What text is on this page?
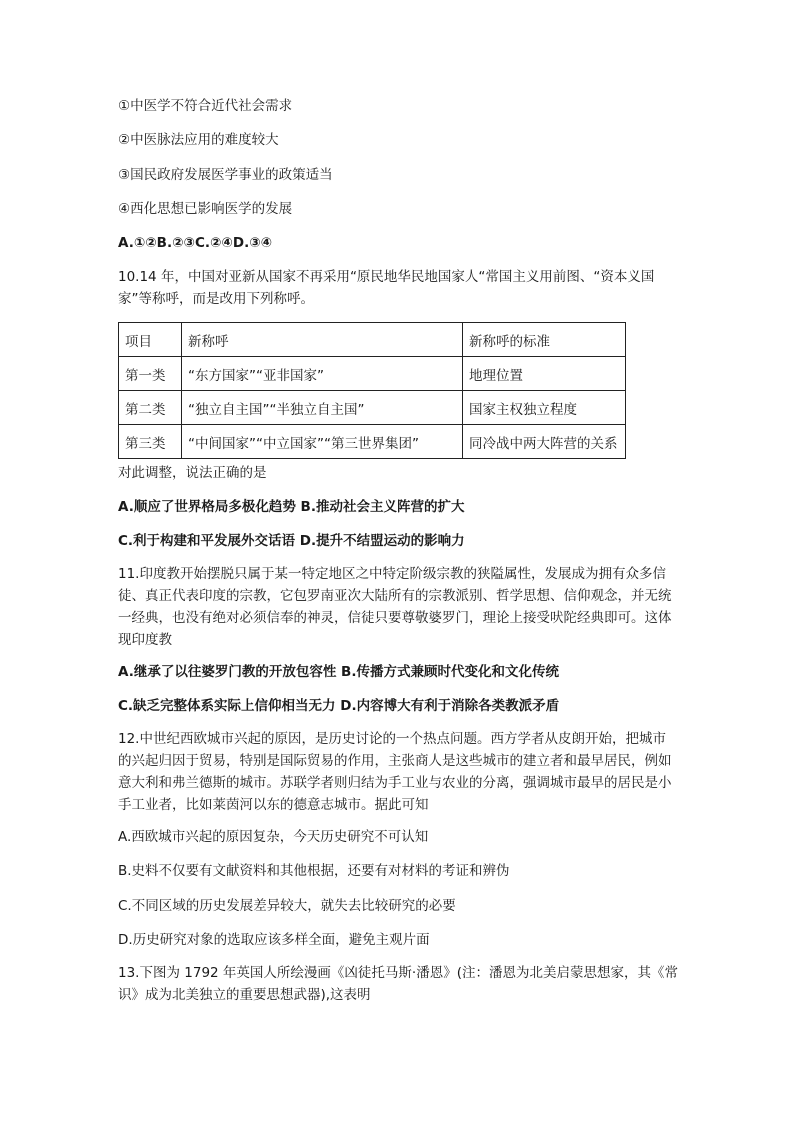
①中医学不符合近代社会需求
②中医脉法应用的难度较大
③国民政府发展医学事业的政策适当
④西化思想已影响医学的发展
A.①②B.②③C.②④D.③④
10.14 年，中国对亚新从国家不再采用“原民地华民地国家人“常国主义用前图、“资本义国
家”等称呼，而是改用下列称呼。
项目	新称呼	新称呼的标准
第一类	“东方国家”“亚非国家”	地理位置
第二类	“独立自主国”“半独立自主国”	国家主权独立程度
第三类	“中间国家”“中立国家”“第三世界集团”	同冷战中两大阵营的关系
对此调整，说法正确的是
A.顺应了世界格局多极化趋势 B.推动社会主义阵营的扩大
C.利于构建和平发展外交话语 D.提升不结盟运动的影响力
11.印度教开始摆脱只属于某一特定地区之中特定阶级宗教的狭隘属性，发展成为拥有众多信徒、真正代表印度的宗教，它包罗南亚次大陆所有的宗教派别、哲学思想、信仰观念，并无统一经典，也没有绝对必须信奉的神灵，信徒只要尊敬婆罗门，理论上接受吠陀经典即可。这体现印度教
A.继承了以往婆罗门教的开放包容性 B.传播方式兼顾时代变化和文化传统
C.缺乏完整体系实际上信仰相当无力 D.内容博大有利于消除各类教派矛盾
12.中世纪西欧城市兴起的原因，是历史讨论的一个热点问题。西方学者从皮朗开始，把城市的兴起归因于贸易，特别是国际贸易的作用，主张商人是这些城市的建立者和最早居民，例如意大利和弗兰德斯的城市。苏联学者则归结为手工业与农业的分离，强调城市最早的居民是小手工业者，比如莱茵河以东的德意志城市。据此可知
A.西欧城市兴起的原因复杂，今天历史研究不可认知
B.史料不仅要有文献资料和其他根据，还要有对材料的考证和辨伪
C.不同区域的历史发展差异较大，就失去比较研究的必要
D.历史研究对象的选取应该多样全面，避免主观片面
13.下图为 1792 年英国人所绘漫画《凶徒托马斯·潘恩》(注：潘恩为北美启蒙思想家，其《常识》成为北美独立的重要思想武器),这表明
